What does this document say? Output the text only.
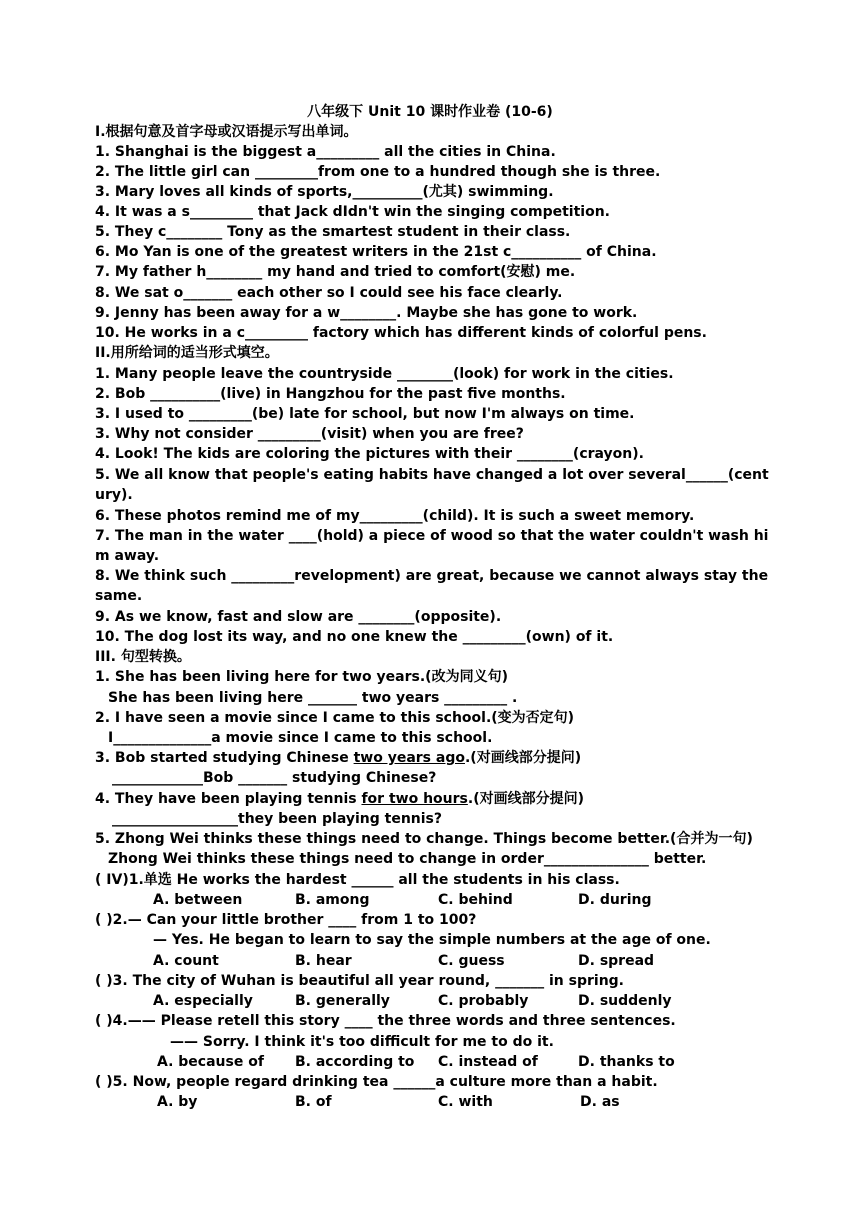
八年级下 Unit 10 课时作业卷 (10-6)
I.根据句意及首字母或汉语提示写出单词。
1. Shanghai is the biggest a_________ all the cities in China.
2. The little girl can _________from one to a hundred though she is three.
3. Mary loves all kinds of sports,__________(尤其) swimming.
4. It was a s_________ that Jack dIdn't win the singing competition.
5. They c________ Tony as the smartest student in their class.
6. Mo Yan is one of the greatest writers in the 21st c__________ of China.
7. My father h________ my hand and tried to comfort(安慰) me.
8. We sat o_______ each other so I could see his face clearly.
9. Jenny has been away for a w________. Maybe she has gone to work.
10. He works in a c_________ factory which has different kinds of colorful pens.
II.用所给词的适当形式填空。
1. Many people leave the countryside ________(look) for work in the cities.
2. Bob __________(live) in Hangzhou for the past five months.
3. I used to _________(be) late for school, but now I'm always on time.
3. Why not consider _________(visit) when you are free?
4. Look! The kids are coloring the pictures with their ________(crayon).
5. We all know that people's eating habits have changed a lot over several______(century).
6. These photos remind me of my_________(child). It is such a sweet memory.
7. The man in the water ____(hold) a piece of wood so that the water couldn't wash him away.
8. We think such _________revelopment) are great, because we cannot always stay the same.
9. As we know, fast and slow are ________(opposite).
10. The dog lost its way, and no one knew the _________(own) of it.
III. 句型转换。
1. She has been living here for two years.(改为同义句)
She has been living here _______ two years _________ .
2. I have seen a movie since I came to this school.(变为否定句)
I______________a movie since I came to this school.
3. Bob started studying Chinese two years ago.(对画线部分提问)
_____________Bob _______ studying Chinese?
4. They have been playing tennis for two hours.(对画线部分提问)
__________________they been playing tennis?
5. Zhong Wei thinks these things need to change. Things become better.(合并为一句)
Zhong Wei thinks these things need to change in order_______________ better.
( IV)1.单选 He works the hardest ______ all the students in his class.
A. between	B. among	C. behind	D. during
( )2.— Can your little brother ____ from 1 to 100?
— Yes. He began to learn to say the simple numbers at the age of one.
A. count	B. hear	C. guess	D. spread
( )3. The city of Wuhan is beautiful all year round, _______ in spring.
A. especially	B. generally	C. probably	D. suddenly
( )4.—— Please retell this story ____ the three words and three sentences.
—— Sorry. I think it's too difficult for me to do it.
A. because of B. according to C. instead of	D. thanks to
( )5. Now, people regard drinking tea ______a culture more than a habit.
A. by	B. of	C. with	D. as
